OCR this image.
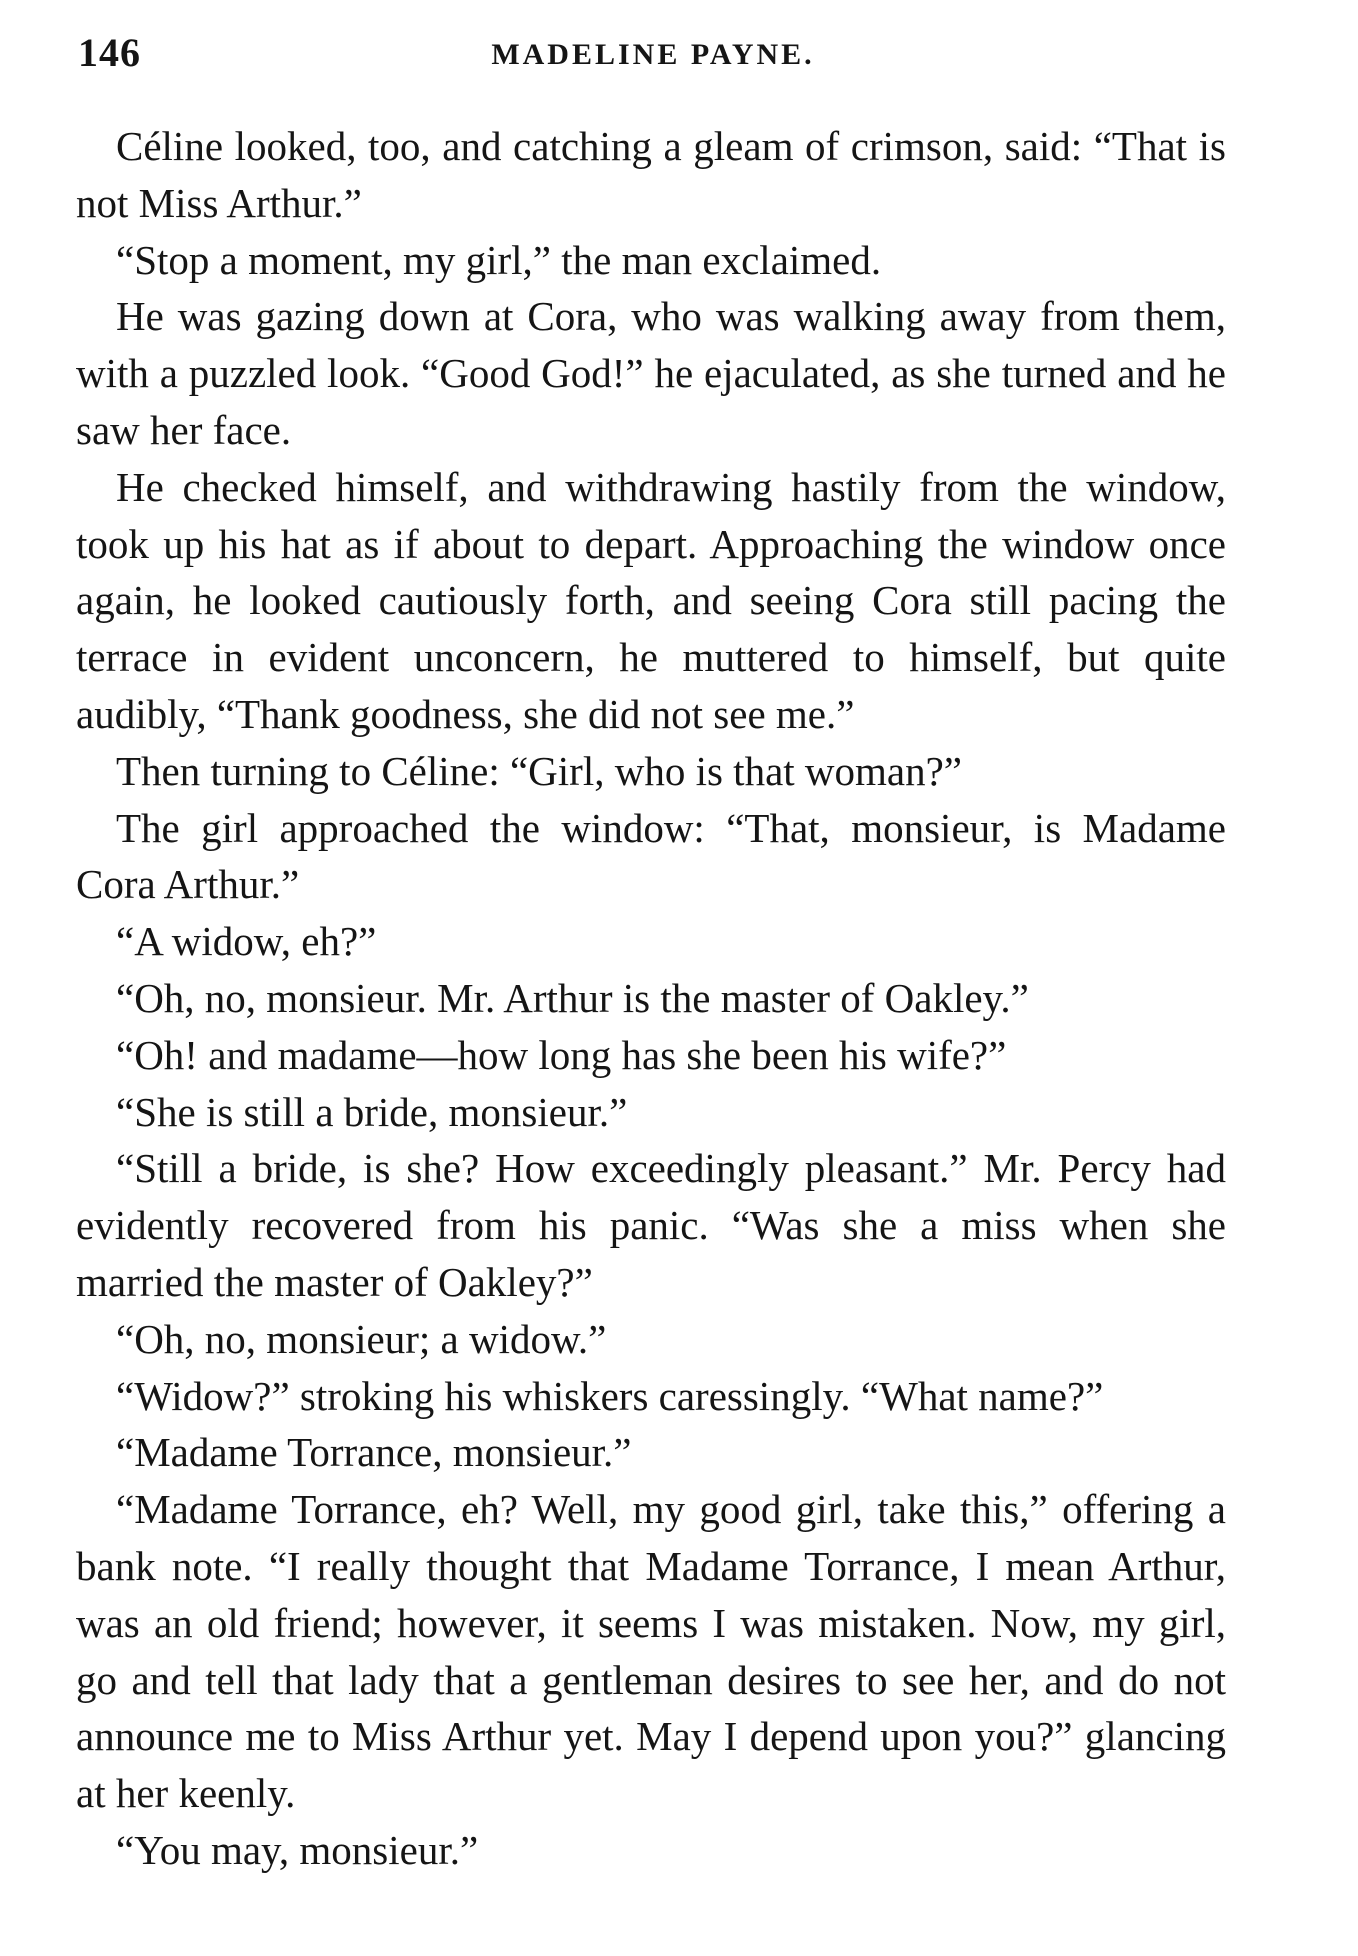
146	MADELINE PAYNE.

Céline looked, too, and catching a gleam of crimson, said: “That is not Miss Arthur.”

“Stop a moment, my girl,” the man exclaimed.

He was gazing down at Cora, who was walking away from them, with a puzzled look. “Good God!” he ejaculated, as she turned and he saw her face.

He checked himself, and withdrawing hastily from the window, took up his hat as if about to depart. Approaching the window once again, he looked cautiously forth, and seeing Cora still pacing the terrace in evident unconcern, he muttered to himself, but quite audibly, “Thank goodness, she did not see me.”

Then turning to Céline: “Girl, who is that woman?”

The girl approached the window: “That, monsieur, is Madame Cora Arthur.”

“A widow, eh?”

“Oh, no, monsieur. Mr. Arthur is the master of Oakley.”

“Oh! and madame—how long has she been his wife?”

“She is still a bride, monsieur.”

“Still a bride, is she? How exceedingly pleasant.” Mr. Percy had evidently recovered from his panic. “Was she a miss when she married the master of Oakley?”

“Oh, no, monsieur; a widow.”

“Widow?” stroking his whiskers caressingly. “What name?”

“Madame Torrance, monsieur.”

“Madame Torrance, eh? Well, my good girl, take this,” offering a bank note. “I really thought that Madame Torrance, I mean Arthur, was an old friend; however, it seems I was mistaken. Now, my girl, go and tell that lady that a gentleman desires to see her, and do not announce me to Miss Arthur yet. May I depend upon you?” glancing at her keenly.

“You may, monsieur.”
